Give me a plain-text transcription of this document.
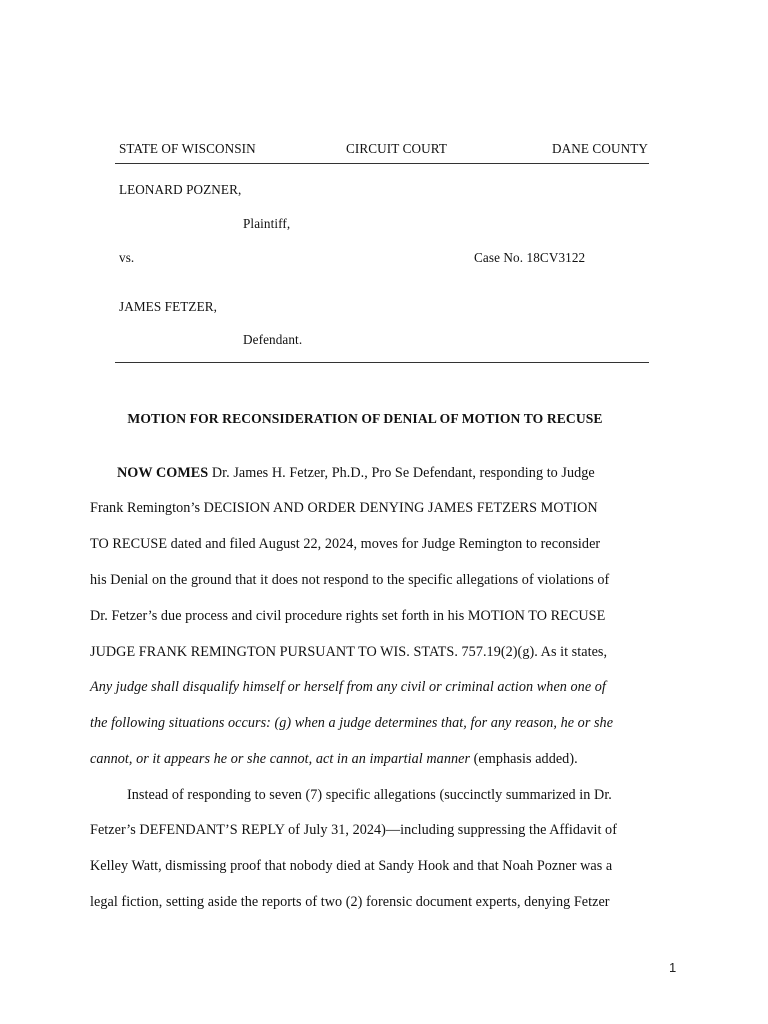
STATE OF WISCONSIN	CIRCUIT COURT	DANE COUNTY
LEONARD POZNER,
Plaintiff,
vs.	Case No. 18CV3122
JAMES FETZER,
Defendant.
MOTION FOR RECONSIDERATION OF DENIAL OF MOTION TO RECUSE
NOW COMES Dr. James H. Fetzer, Ph.D., Pro Se Defendant, responding to Judge
Frank Remington’s DECISION AND ORDER DENYING JAMES FETZERS MOTION
TO RECUSE dated and filed August 22, 2024, moves for Judge Remington to reconsider
his Denial on the ground that it does not respond to the specific allegations of violations of
Dr. Fetzer’s due process and civil procedure rights set forth in his MOTION TO RECUSE
JUDGE FRANK REMINGTON PURSUANT TO WIS. STATS. 757.19(2)(g). As it states,
Any judge shall disqualify himself or herself from any civil or criminal action when one of
the following situations occurs: (g) when a judge determines that, for any reason, he or she
cannot, or it appears he or she cannot, act in an impartial manner (emphasis added).
Instead of responding to seven (7) specific allegations (succinctly summarized in Dr.
Fetzer’s DEFENDANT’S REPLY of July 31, 2024)—including suppressing the Affidavit of
Kelley Watt, dismissing proof that nobody died at Sandy Hook and that Noah Pozner was a
legal fiction, setting aside the reports of two (2) forensic document experts, denying Fetzer
1
